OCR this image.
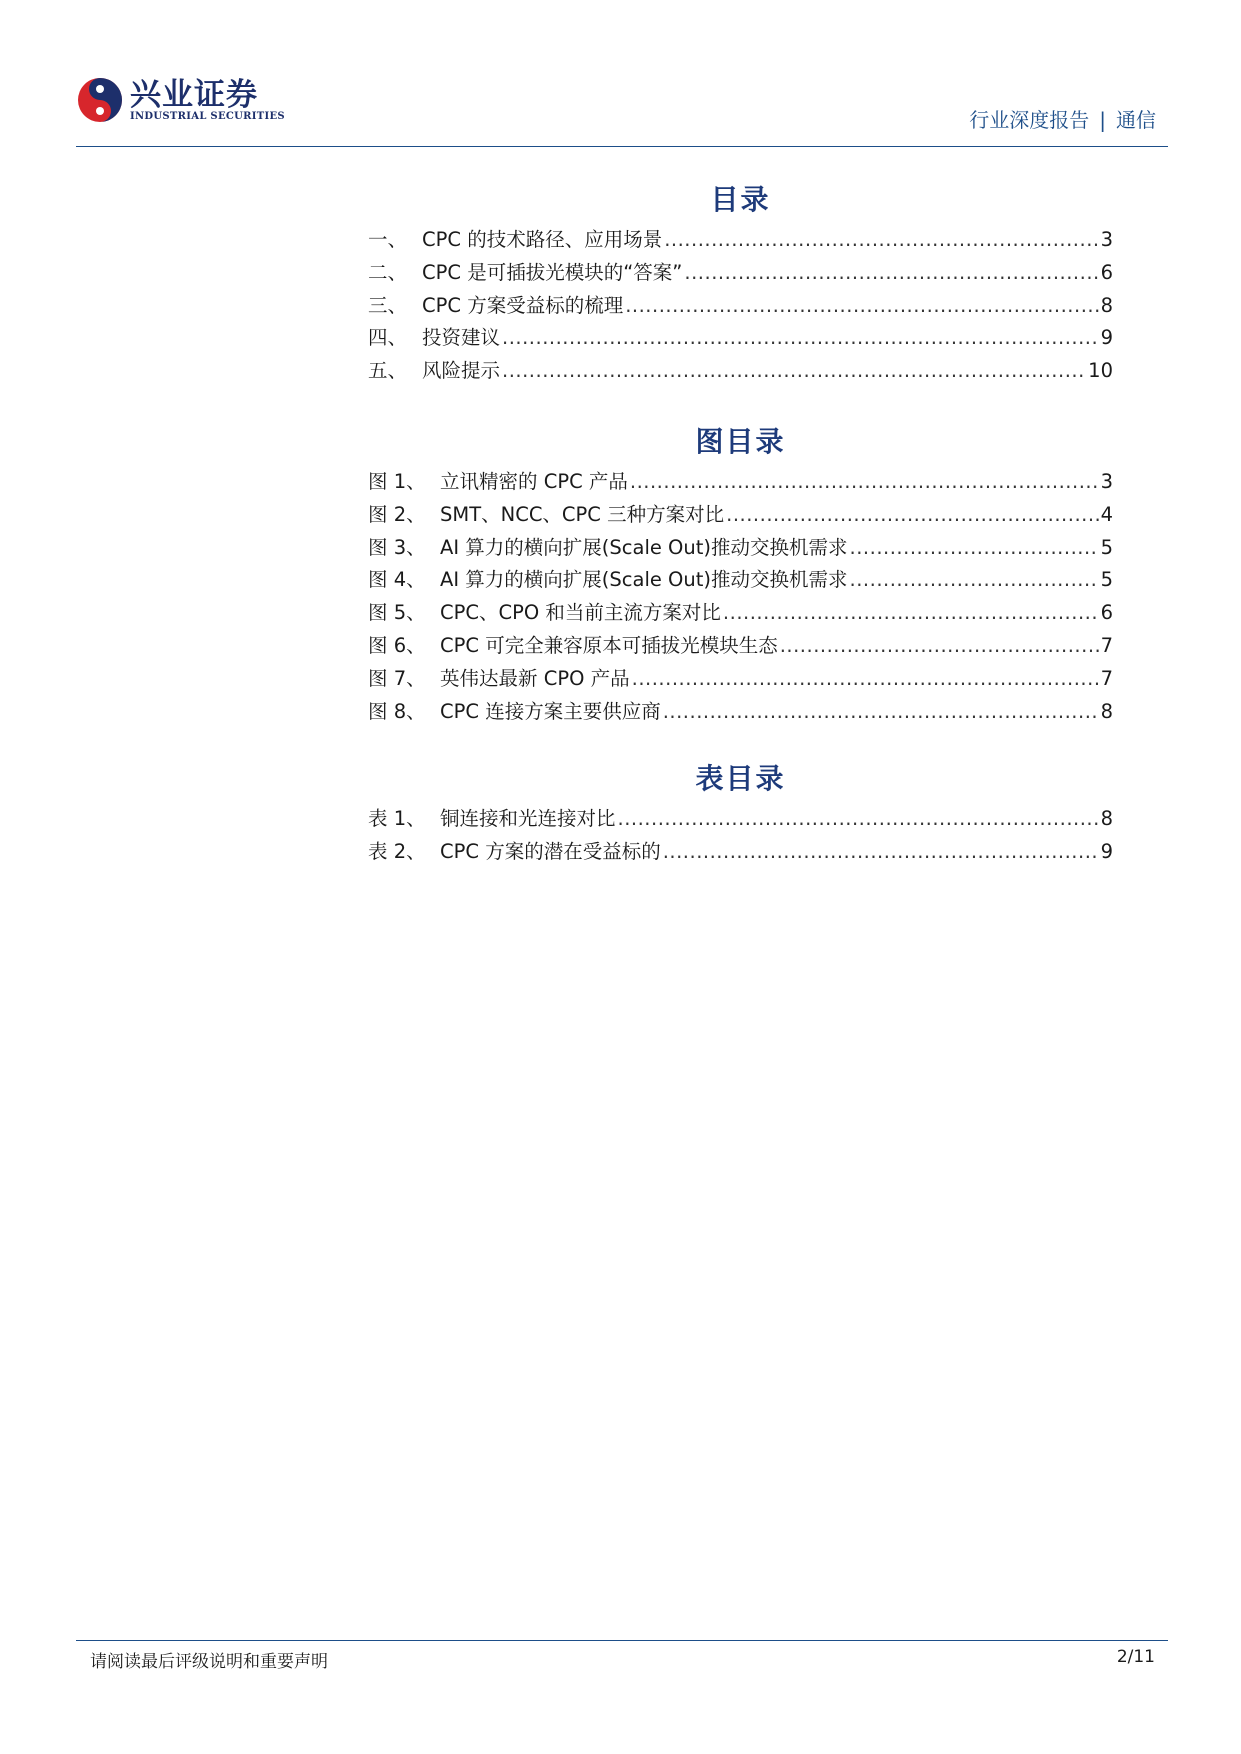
兴业证券
INDUSTRIAL SECURITIES	行业深度报告 | 通信
目录
一、 CPC 的技术路径、应用场景 .....	3
二、 CPC 是可插拔光模块的“答案” .....	6
三、 CPC 方案受益标的梳理 .....	8
四、 投资建议 .....	9
五、 风险提示 .....	10
图目录
图 1、 立讯精密的 CPC 产品 .....	3
图 2、 SMT、NCC、CPC 三种方案对比 .....	4
图 3、 AI 算力的横向扩展(Scale Out)推动交换机需求 .....	5
图 4、 AI 算力的横向扩展(Scale Out)推动交换机需求 .....	5
图 5、 CPC、CPO 和当前主流方案对比 .....	6
图 6、 CPC 可完全兼容原本可插拔光模块生态 .....	7
图 7、 英伟达最新 CPO 产品 .....	7
图 8、 CPC 连接方案主要供应商 .....	8
表目录
表 1、 铜连接和光连接对比 .....	8
表 2、 CPC 方案的潜在受益标的 .....	9
请阅读最后评级说明和重要声明	2/11
